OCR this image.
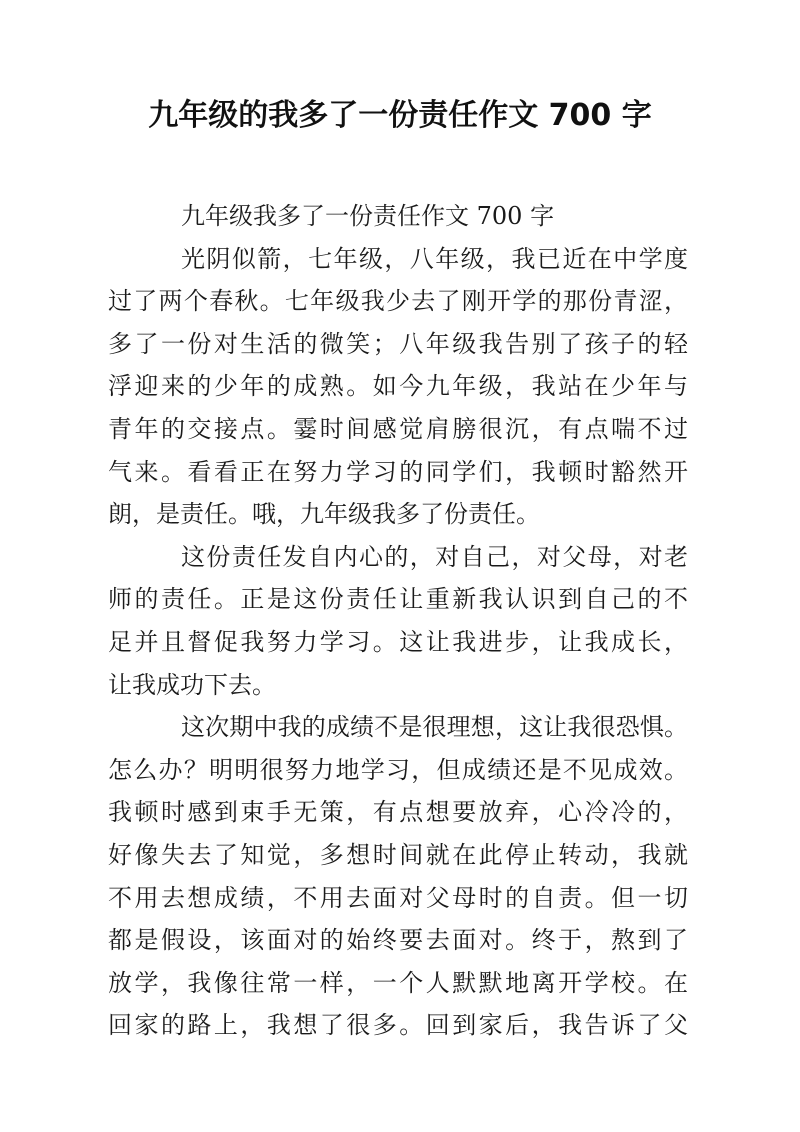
九年级的我多了一份责任作文 700 字
九年级我多了一份责任作文 700 字
光阴似箭，七年级，八年级，我已近在中学度
过了两个春秋。七年级我少去了刚开学的那份青涩，
多了一份对生活的微笑；八年级我告别了孩子的轻
浮迎来的少年的成熟。如今九年级，我站在少年与
青年的交接点。霎时间感觉肩膀很沉，有点喘不过
气来。看看正在努力学习的同学们，我顿时豁然开
朗，是责任。哦，九年级我多了份责任。
这份责任发自内心的，对自己，对父母，对老
师的责任。正是这份责任让重新我认识到自己的不
足并且督促我努力学习。这让我进步，让我成长，
让我成功下去。
这次期中我的成绩不是很理想，这让我很恐惧。
怎么办？明明很努力地学习，但成绩还是不见成效。
我顿时感到束手无策，有点想要放弃，心冷冷的，
好像失去了知觉，多想时间就在此停止转动，我就
不用去想成绩，不用去面对父母时的自责。但一切
都是假设，该面对的始终要去面对。终于，熬到了
放学，我像往常一样，一个人默默地离开学校。在
回家的路上，我想了很多。回到家后，我告诉了父
